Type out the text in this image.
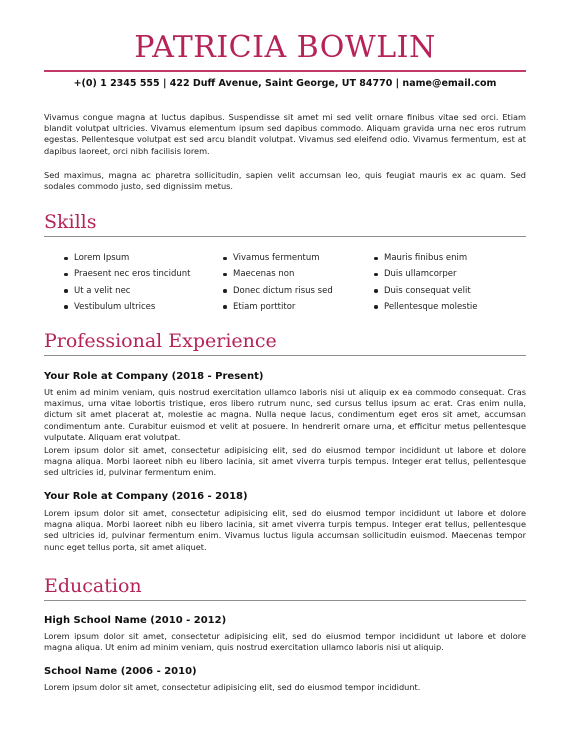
PATRICIA BOWLIN
+(0) 1 2345 555 | 422 Duff Avenue, Saint George, UT 84770 | name@email.com

Vivamus congue magna at luctus dapibus. Suspendisse sit amet mi sed velit ornare finibus vitae sed orci. Etiam blandit volutpat ultricies. Vivamus elementum ipsum sed dapibus commodo. Aliquam gravida urna nec eros rutrum egestas. Pellentesque volutpat est sed arcu blandit volutpat. Vivamus sed eleifend odio. Vivamus fermentum, est at dapibus laoreet, orci nibh facilisis lorem.

Sed maximus, magna ac pharetra sollicitudin, sapien velit accumsan leo, quis feugiat mauris ex ac quam. Sed sodales commodo justo, sed dignissim metus.

Skills
Lorem Ipsum
Praesent nec eros tincidunt
Ut a velit nec
Vestibulum ultrices
Vivamus fermentum
Maecenas non
Donec dictum risus sed
Etiam porttitor
Mauris finibus enim
Duis ullamcorper
Duis consequat velit
Pellentesque molestie
Professional Experience
Your Role at Company (2018 - Present)

Ut enim ad minim veniam, quis nostrud exercitation ullamco laboris nisi ut aliquip ex ea commodo consequat. Cras maximus, urna vitae lobortis tristique, eros libero rutrum nunc, sed cursus tellus ipsum ac erat. Cras enim nulla, dictum sit amet placerat at, molestie ac magna. Nulla neque lacus, condimentum eget eros sit amet, accumsan condimentum ante. Curabitur euismod et velit at posuere. In hendrerit ornare urna, et efficitur metus pellentesque vulputate. Aliquam erat volutpat.

Lorem ipsum dolor sit amet, consectetur adipisicing elit, sed do eiusmod tempor incididunt ut labore et dolore magna aliqua. Morbi laoreet nibh eu libero lacinia, sit amet viverra turpis tempus. Integer erat tellus, pellentesque sed ultricies id, pulvinar fermentum enim.

Your Role at Company (2016 - 2018)

Lorem ipsum dolor sit amet, consectetur adipisicing elit, sed do eiusmod tempor incididunt ut labore et dolore magna aliqua. Morbi laoreet nibh eu libero lacinia, sit amet viverra turpis tempus. Integer erat tellus, pellentesque sed ultricies id, pulvinar fermentum enim. Vivamus luctus ligula accumsan sollicitudin euismod. Maecenas tempor nunc eget tellus porta, sit amet aliquet.

Education
High School Name (2010 - 2012)

Lorem ipsum dolor sit amet, consectetur adipisicing elit, sed do eiusmod tempor incididunt ut labore et dolore magna aliqua. Ut enim ad minim veniam, quis nostrud exercitation ullamco laboris nisi ut aliquip.

School Name (2006 - 2010)

Lorem ipsum dolor sit amet, consectetur adipisicing elit, sed do eiusmod tempor incididunt.
